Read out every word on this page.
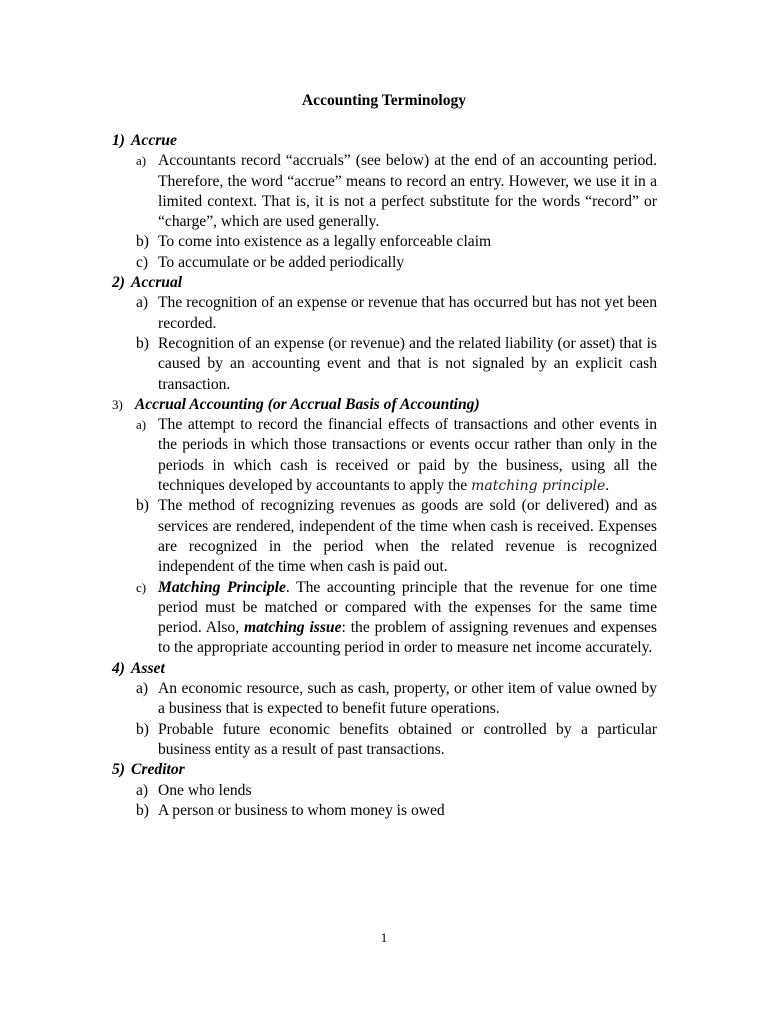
Accounting Terminology
1) Accrue
a) Accountants record “accruals” (see below) at the end of an accounting period. Therefore, the word “accrue” means to record an entry. However, we use it in a limited context. That is, it is not a perfect substitute for the words “record” or “charge”, which are used generally.
b) To come into existence as a legally enforceable claim
c) To accumulate or be added periodically
2) Accrual
a) The recognition of an expense or revenue that has occurred but has not yet been recorded.
b) Recognition of an expense (or revenue) and the related liability (or asset) that is caused by an accounting event and that is not signaled by an explicit cash transaction.
3) Accrual Accounting (or Accrual Basis of Accounting)
a) The attempt to record the financial effects of transactions and other events in the periods in which those transactions or events occur rather than only in the periods in which cash is received or paid by the business, using all the techniques developed by accountants to apply the matching principle.
b) The method of recognizing revenues as goods are sold (or delivered) and as services are rendered, independent of the time when cash is received. Expenses are recognized in the period when the related revenue is recognized independent of the time when cash is paid out.
c) Matching Principle. The accounting principle that the revenue for one time period must be matched or compared with the expenses for the same time period. Also, matching issue: the problem of assigning revenues and expenses to the appropriate accounting period in order to measure net income accurately.
4) Asset
a) An economic resource, such as cash, property, or other item of value owned by a business that is expected to benefit future operations.
b) Probable future economic benefits obtained or controlled by a particular business entity as a result of past transactions.
5) Creditor
a) One who lends
b) A person or business to whom money is owed
1
